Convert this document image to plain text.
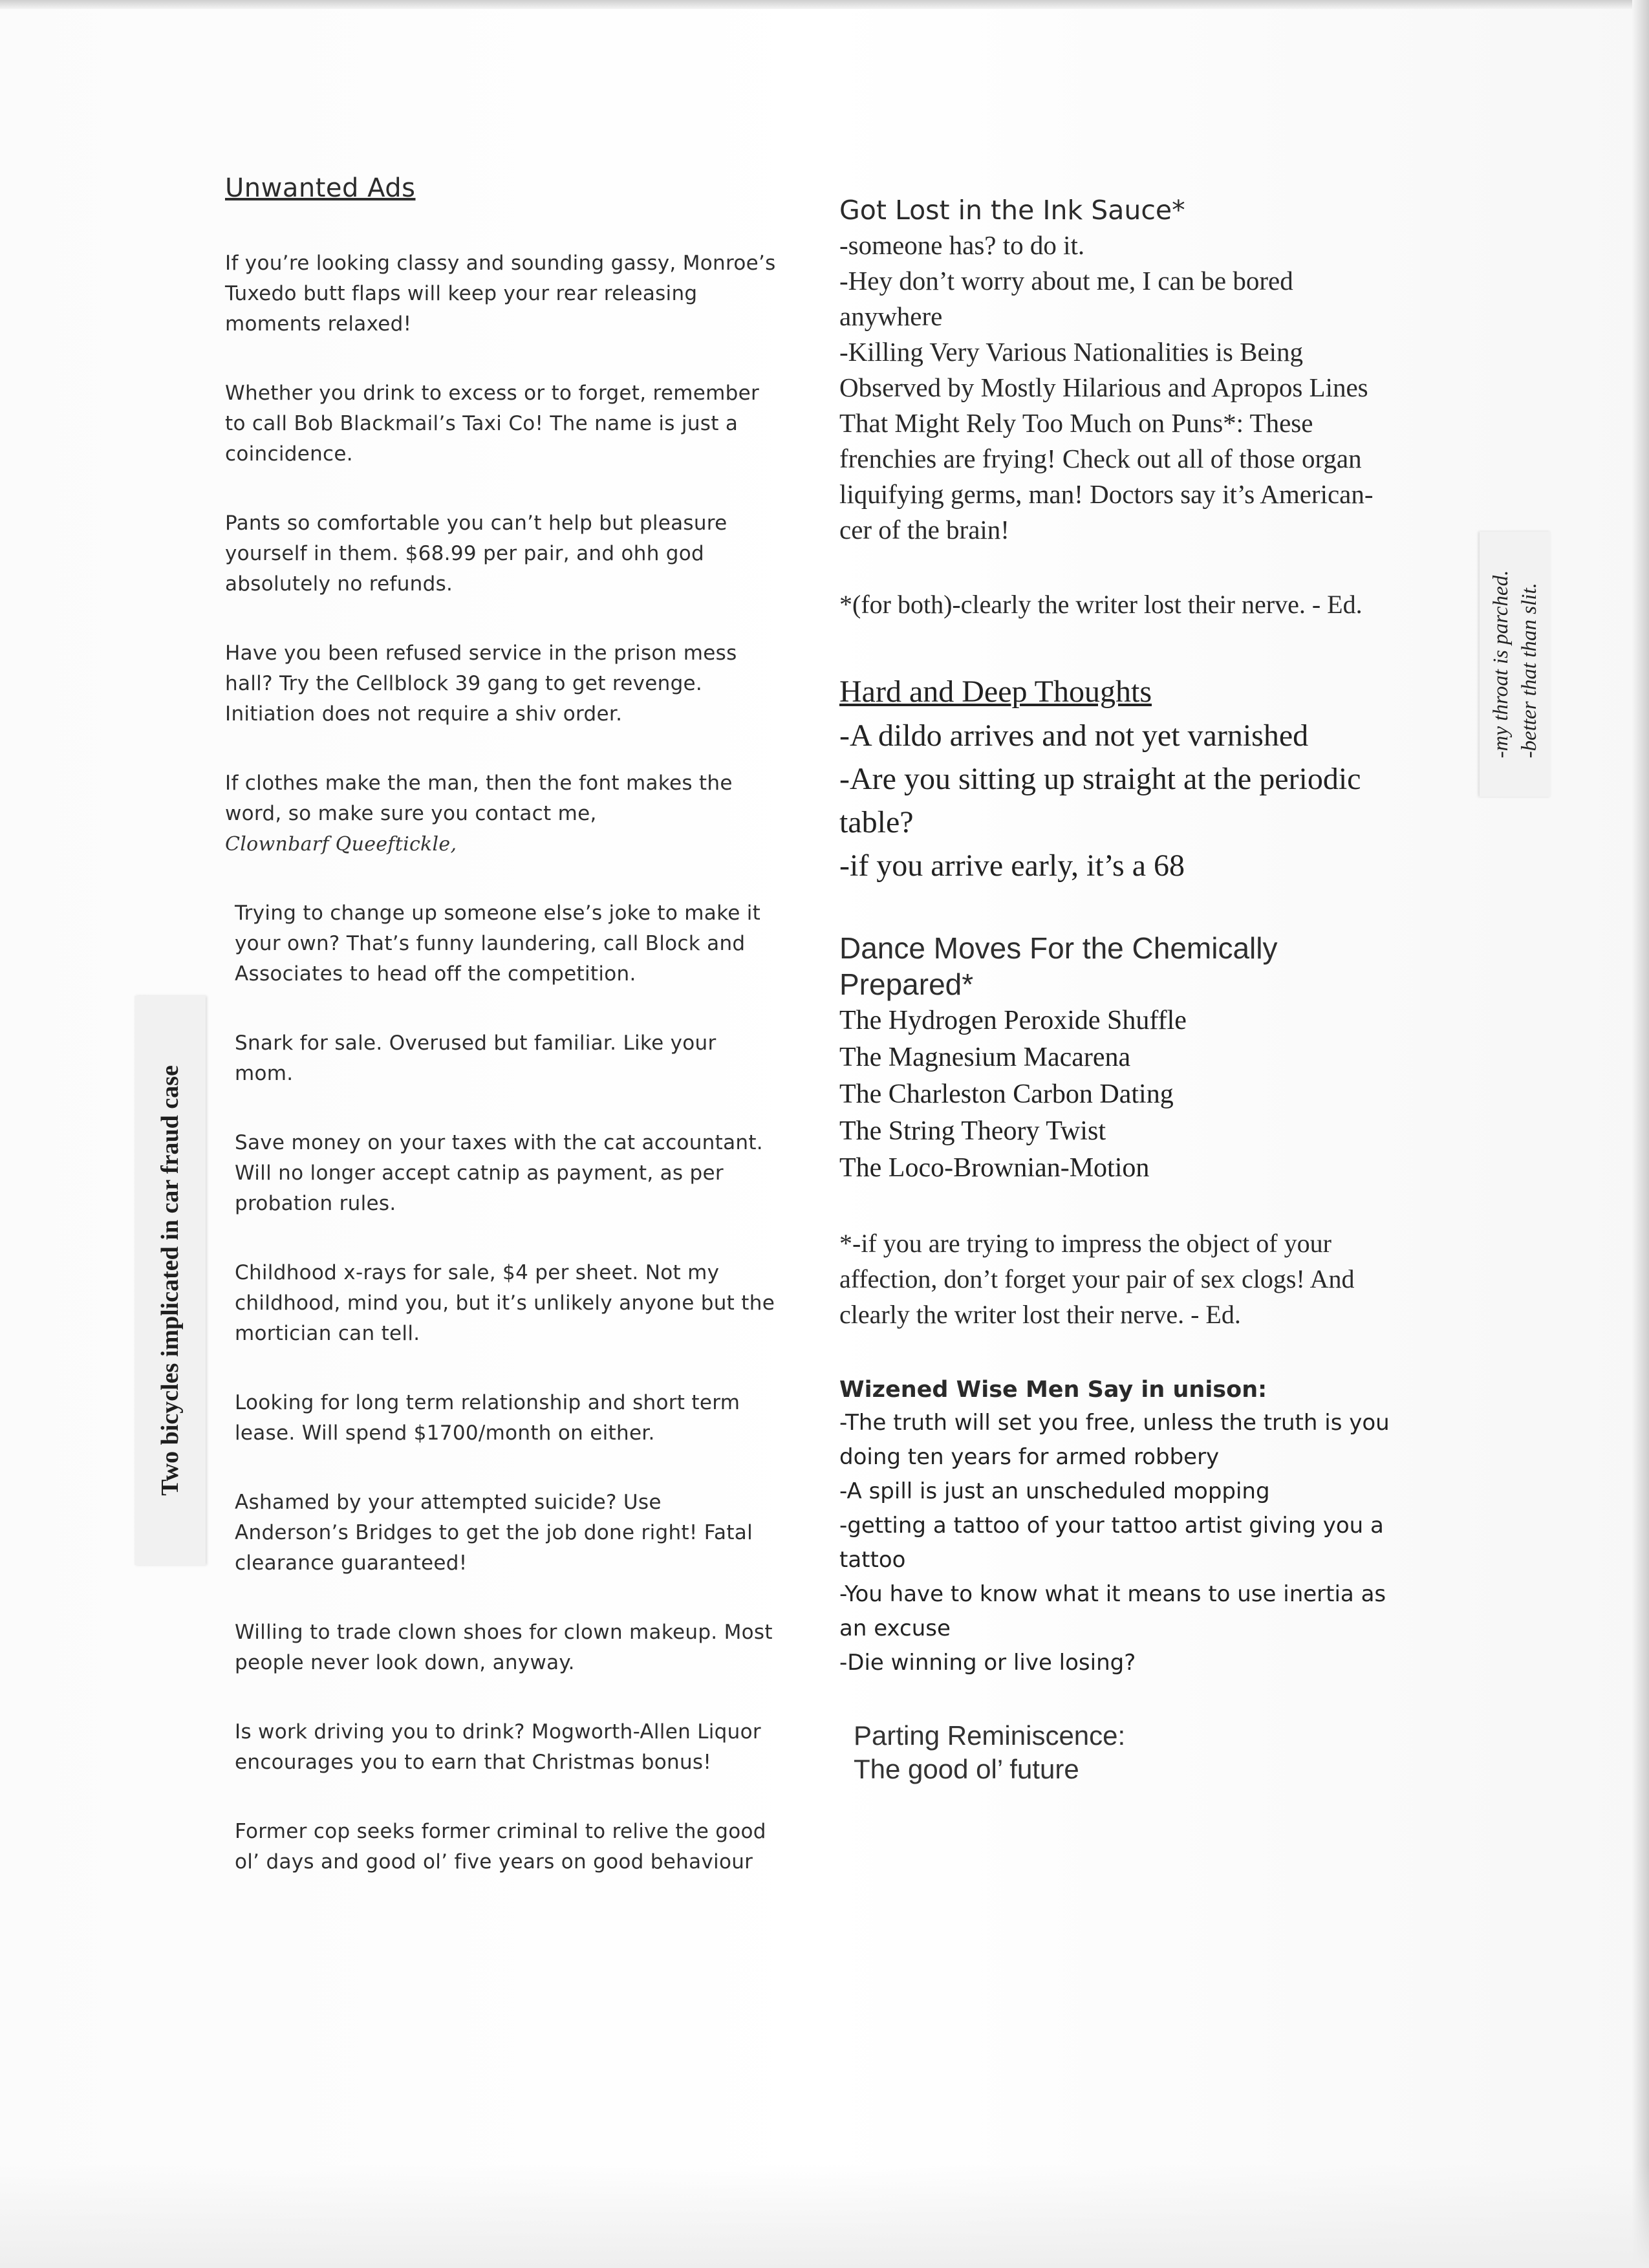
Unwanted Ads

If you’re looking classy and sounding gassy, Monroe’s Tuxedo butt flaps will keep your rear releasing moments relaxed!

Whether you drink to excess or to forget, remember to call Bob Blackmail’s Taxi Co! The name is just a coincidence.

Pants so comfortable you can’t help but pleasure yourself in them. $68.99 per pair, and ohh god absolutely no refunds.

Have you been refused service in the prison mess hall? Try the Cellblock 39 gang to get revenge. Initiation does not require a shiv order.

If clothes make the man, then the font makes the word, so make sure you contact me,
Clownbarf Queeftickle,

Trying to change up someone else’s joke to make it your own? That’s funny laundering, call Block and Associates to head off the competition.

Snark for sale. Overused but familiar. Like your mom.

Save money on your taxes with the cat accountant. Will no longer accept catnip as payment, as per probation rules.

Childhood x-rays for sale, $4 per sheet. Not my childhood, mind you, but it’s unlikely anyone but the mortician can tell.

Looking for long term relationship and short term lease. Will spend $1700/month on either.

Ashamed by your attempted suicide? Use Anderson’s Bridges to get the job done right! Fatal clearance guaranteed!

Willing to trade clown shoes for clown makeup. Most people never look down, anyway.

Is work driving you to drink? Mogworth-Allen Liquor encourages you to earn that Christmas bonus!

Former cop seeks former criminal to relive the good ol’ days and good ol’ five years on good behaviour

Got Lost in the Ink Sauce*
-someone has? to do it.
-Hey don’t worry about me, I can be bored anywhere
-Killing Very Various Nationalities is Being Observed by Mostly Hilarious and Apropos Lines That Might Rely Too Much on Puns*: These frenchies are frying! Check out all of those organ liquifying germs, man! Doctors say it’s American-cer of the brain!

*(for both)-clearly the writer lost their nerve. - Ed.

Hard and Deep Thoughts
-A dildo arrives and not yet varnished
-Are you sitting up straight at the periodic table?
-if you arrive early, it’s a 68
Dance Moves For the Chemically Prepared*
The Hydrogen Peroxide Shuffle
The Magnesium Macarena
The Charleston Carbon Dating
The String Theory Twist
The Loco-Brownian-Motion

*-if you are trying to impress the object of your affection, don’t forget your pair of sex clogs! And clearly the writer lost their nerve. - Ed.

Wizened Wise Men Say in unison:
-The truth will set you free, unless the truth is you doing ten years for armed robbery
-A spill is just an unscheduled mopping
-getting a tattoo of your tattoo artist giving you a tattoo
-You have to know what it means to use inertia as an excuse
-Die winning or live losing?
Parting Reminiscence:

The good ol’ future

Two bicycles implicated in car fraud case
-my throat is parched. -better that than slit.
